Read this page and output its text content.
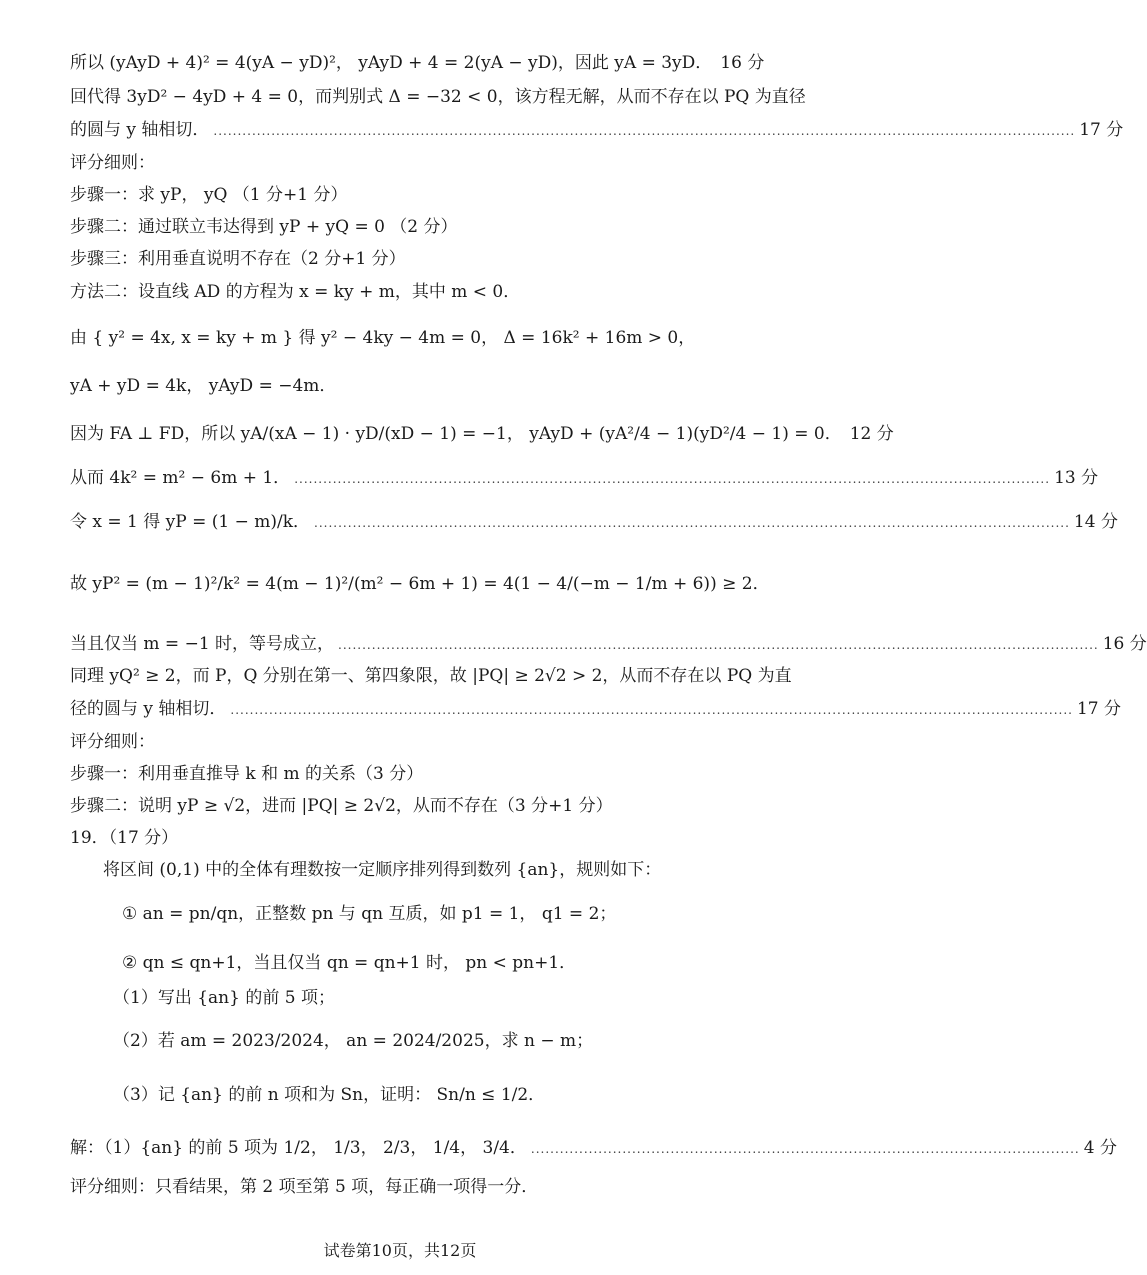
所以 (yAyD + 4)² = 4(yA − yD)²， yAyD + 4 = 2(yA − yD)，因此 yA = 3yD． 16 分
回代得 3yD² − 4yD + 4 = 0，而判别式 Δ = −32 < 0，该方程无解，从而不存在以 PQ 为直径
的圆与 y 轴相切． ................................................................................................................................................................................... 17 分
评分细则：
步骤一：求 yP， yQ （1 分+1 分）
步骤二：通过联立韦达得到 yP + yQ = 0 （2 分）
步骤三：利用垂直说明不存在（2 分+1 分）
方法二：设直线 AD 的方程为 x = ky + m，其中 m < 0．
由 { y² = 4x, x = ky + m } 得 y² − 4ky − 4m = 0， Δ = 16k² + 16m > 0，
yA + yD = 4k， yAyD = −4m．
因为 FA ⊥ FD，所以 yA/(xA − 1) · yD/(xD − 1) = −1， yAyD + (yA²/4 − 1)(yD²/4 − 1) = 0． 12 分
从而 4k² = m² − 6m + 1． ............................................................................................................................................................. 13 分
令 x = 1 得 yP = (1 − m)/k． ............................................................................................................................................................. 14 分
故 yP² = (m − 1)²/k² = 4(m − 1)²/(m² − 6m + 1) = 4(1 − 4/(−m − 1/m + 6)) ≥ 2．
当且仅当 m = −1 时，等号成立， .............................................................................................................................................................. 16 分
同理 yQ² ≥ 2，而 P，Q 分别在第一、第四象限，故 |PQ| ≥ 2√2 > 2，从而不存在以 PQ 为直
径的圆与 y 轴相切． ............................................................................................................................................................................... 17 分
评分细则：
步骤一：利用垂直推导 k 和 m 的关系（3 分）
步骤二：说明 yP ≥ √2，进而 |PQ| ≥ 2√2，从而不存在（3 分+1 分）
19．（17 分）
将区间 (0,1) 中的全体有理数按一定顺序排列得到数列 {an}，规则如下：
① an = pn/qn，正整数 pn 与 qn 互质，如 p1 = 1， q1 = 2；
② qn ≤ qn+1，当且仅当 qn = qn+1 时， pn < pn+1．
（1）写出 {an} 的前 5 项；
（2）若 am = 2023/2024， an = 2024/2025，求 n − m；
（3）记 {an} 的前 n 项和为 Sn，证明： Sn/n ≤ 1/2．
解：（1）{an} 的前 5 项为 1/2， 1/3， 2/3， 1/4， 3/4． .................................................................................................................. 4 分
评分细则：只看结果，第 2 项至第 5 项，每正确一项得一分．
试卷第10页，共12页
